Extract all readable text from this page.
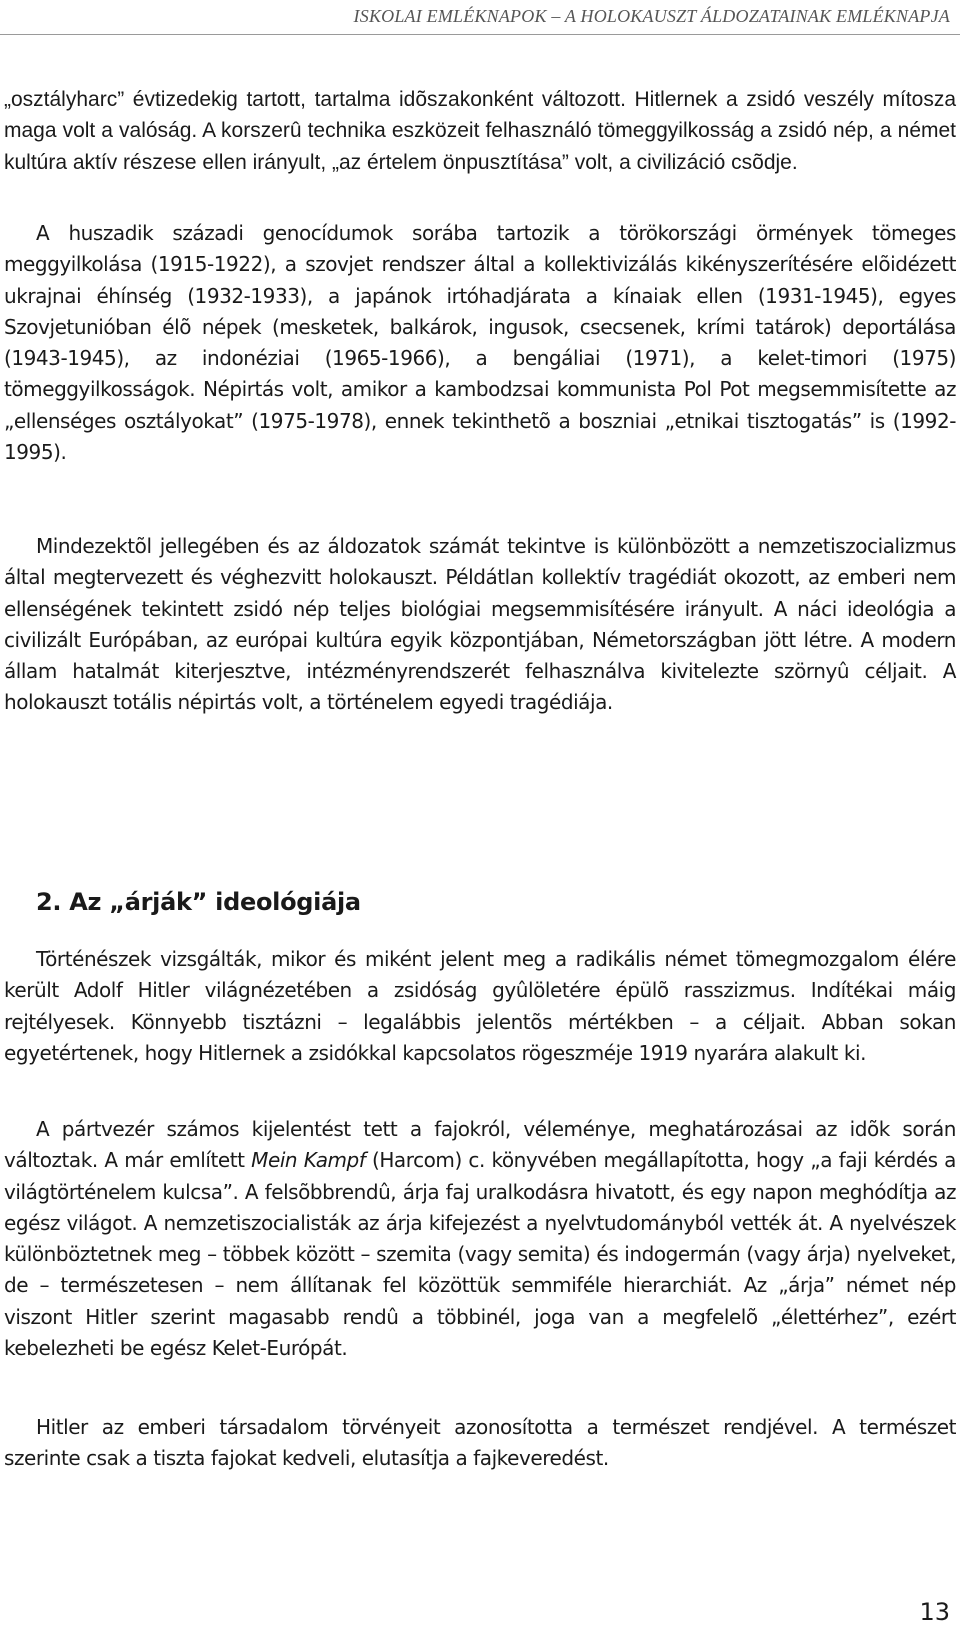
ISKOLAI EMLÉKNAPOK – A HOLOKAUSZT ÁLDOZATAINAK EMLÉKNAPJA

„osztályharc” évtizedekig tartott, tartalma idõszakonként változott. Hitlernek a zsidó veszély mítosza maga volt a valóság. A korszerû technika eszközeit felhasználó tömeggyilkosság a zsidó nép, a német kultúra aktív részese ellen irányult, „az értelem önpusztítása” volt, a civilizáció csõdje.

A huszadik századi genocídumok sorába tartozik a törökországi örmények tömeges meggyilkolása (1915-1922), a szovjet rendszer által a kollektivizálás kikényszerítésére elõidézett ukrajnai éhínség (1932-1933), a japánok irtóhadjárata a kínaiak ellen (1931-1945), egyes Szovjetunióban élõ népek (mesketek, balkárok, ingusok, csecsenek, krími tatárok) deportálása (1943-1945), az indonéziai (1965-1966), a bengáliai (1971), a kelet-timori (1975) tömeggyilkosságok. Népirtás volt, amikor a kambodzsai kommunista Pol Pot megsemmisítette az „ellenséges osztályokat” (1975-1978), ennek tekinthetõ a boszniai „etnikai tisztogatás” is (1992-1995).

Mindezektõl jellegében és az áldozatok számát tekintve is különbözött a nemzetiszocializmus által megtervezett és véghezvitt holokauszt. Példátlan kollektív tragédiát okozott, az emberi nem ellenségének tekintett zsidó nép teljes biológiai megsemmisítésére irányult. A náci ideológia a civilizált Európában, az európai kultúra egyik központjában, Németországban jött létre. A modern állam hatalmát kiterjesztve, intézményrendszerét felhasználva kivitelezte szörnyû céljait. A holokauszt totális népirtás volt, a történelem egyedi tragédiája.

2. Az „árják” ideológiája

Történészek vizsgálták, mikor és miként jelent meg a radikális német tömegmozgalom élére került Adolf Hitler világnézetében a zsidóság gyûlöletére épülõ rasszizmus. Indítékai máig rejtélyesek. Könnyebb tisztázni – legalábbis jelentõs mértékben – a céljait. Abban sokan egyetértenek, hogy Hitlernek a zsidókkal kapcsolatos rögeszméje 1919 nyarára alakult ki.

A pártvezér számos kijelentést tett a fajokról, véleménye, meghatározásai az idõk során változtak. A már említett Mein Kampf (Harcom) c. könyvében megállapította, hogy „a faji kérdés a világtörténelem kulcsa”. A felsõbbrendû, árja faj uralkodásra hivatott, és egy napon meghódítja az egész világot. A nemzetiszocialisták az árja kifejezést a nyelvtudományból vették át. A nyelvészek különböztetnek meg – többek között – szemita (vagy semita) és indogermán (vagy árja) nyelveket, de – természetesen – nem állítanak fel közöttük semmiféle hierarchiát. Az „árja” német nép viszont Hitler szerint magasabb rendû a többinél, joga van a megfelelõ „élettérhez”, ezért kebelezheti be egész Kelet-Európát.

Hitler az emberi társadalom törvényeit azonosította a természet rendjével. A természet szerinte csak a tiszta fajokat kedveli, elutasítja a fajkeveredést.

13
